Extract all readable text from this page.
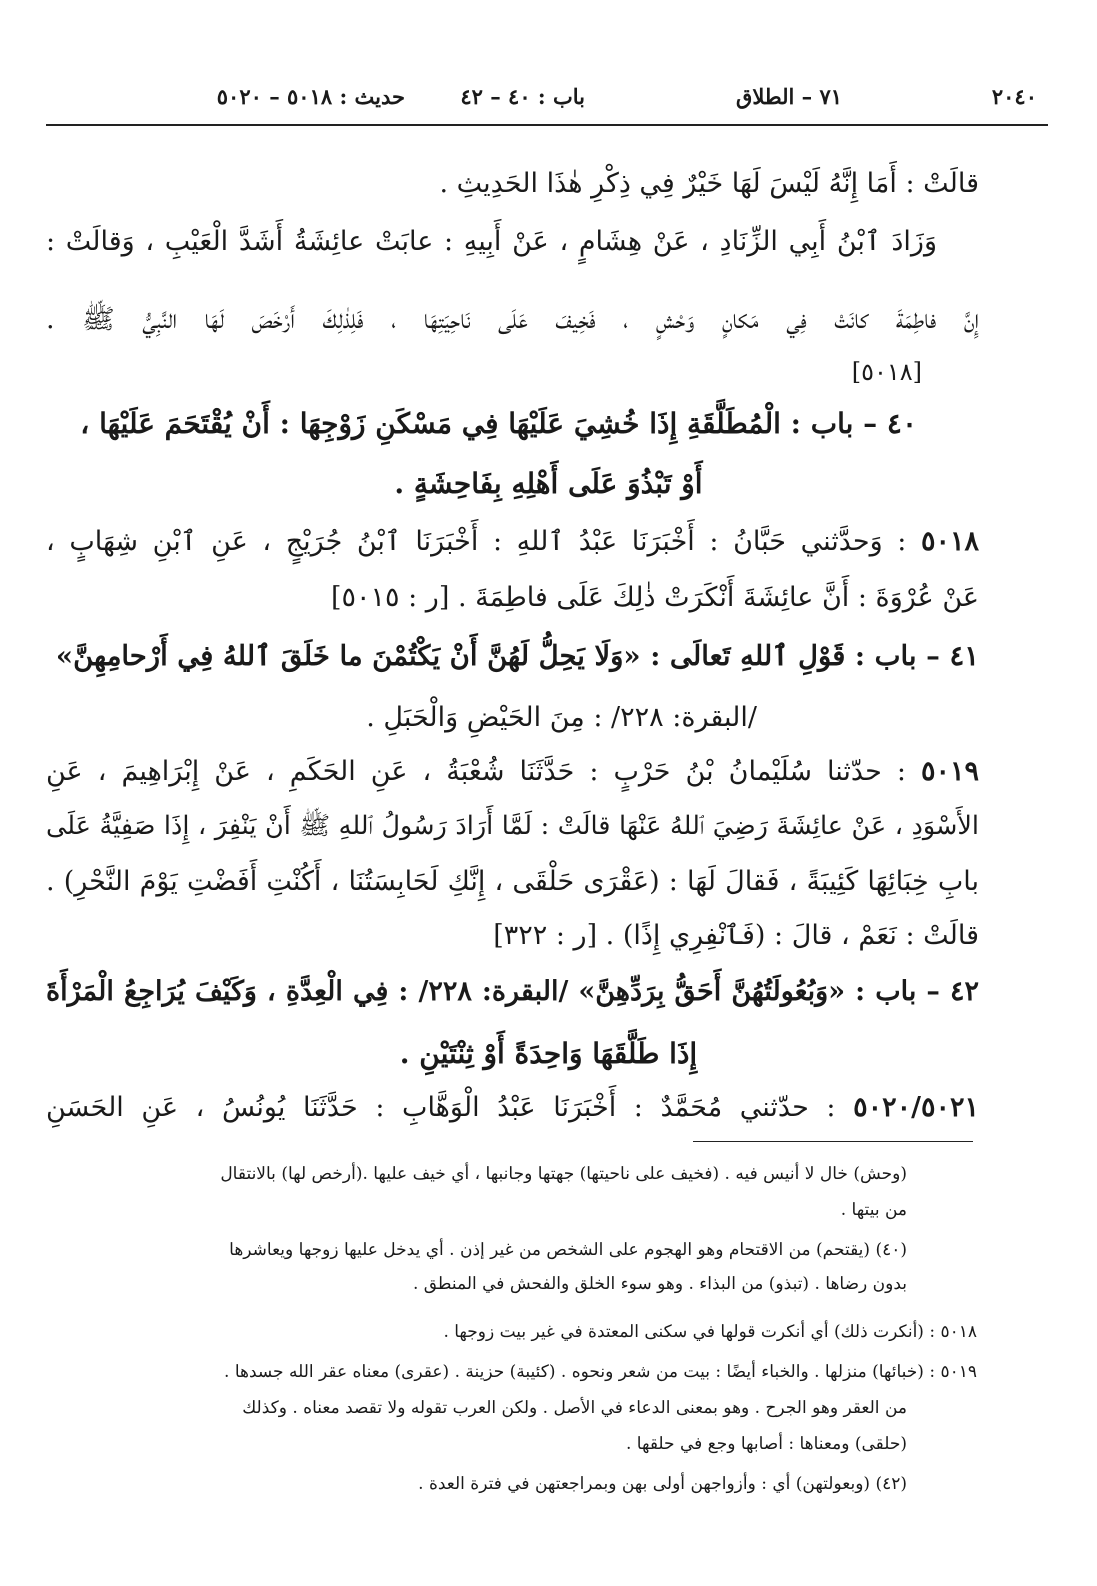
٢٠٤٠
٧١ – الطلاق
باب : ٤٠ – ٤٢
حديث : ٥٠١٨ – ٥٠٢٠
قالَتْ : أَمَا إِنَّهُ لَيْسَ لَهَا خَيْرٌ فِي ذِكْرِ هٰذَا الحَدِيثِ .
وَزَادَ ٱبْنُ أَبِي الزِّنَادِ ، عَنْ هِشَامٍ ، عَنْ أَبِيهِ : عابَتْ عائِشَةُ أَشَدَّ الْعَيْبِ ، وَقالَتْ :
إِنَّ فاطِمَةَ كانَتْ فِي مَكانٍ وَحْشٍ ، فَخِيفَ عَلَى نَاحِيَتِهَا ، فَلِذٰلِكَ أَرْخَصَ لَهَا النَّبِيُّ ﷺ .
[٥٠١٨]
٤٠ – باب : الْمُطَلَّقَةِ إِذَا خُشِيَ عَلَيْهَا فِي مَسْكَنِ زَوْجِهَا : أَنْ يُقْتَحَمَ عَلَيْهَا ،
أَوْ تَبْذُوَ عَلَى أَهْلِهِ بِفَاحِشَةٍ .
٥٠١٨ : وَحدَّثني حَبَّانُ : أَخْبَرَنَا عَبْدُ ٱللهِ : أَخْبَرَنَا ٱبْنُ جُرَيْجٍ ، عَنِ ٱبْنِ شِهَابٍ ،
عَنْ عُرْوَةَ : أَنَّ عائِشَةَ أَنْكَرَتْ ذٰلِكَ عَلَى فاطِمَةَ . [ر : ٥٠١٥]
٤١ – باب : قَوْلِ ٱللهِ تَعالَى : «وَلَا يَحِلُّ لَهُنَّ أَنْ يَكْتُمْنَ ما خَلَقَ ٱللهُ فِي أَرْحامِهِنَّ»
/البقرة: ٢٢٨/ : مِنَ الحَيْضِ وَالْحَبَلِ .
٥٠١٩ : حدّثنا سُلَيْمانُ بْنُ حَرْبٍ : حَدَّثَنَا شُعْبَةُ ، عَنِ الحَكَمِ ، عَنْ إِبْرَاهِيمَ ، عَنِ
الأَسْوَدِ ، عَنْ عائِشَةَ رَضِيَ ٱللهُ عَنْهَا قالَتْ : لَمَّا أَرَادَ رَسُولُ ٱللهِ ﷺ أَنْ يَنْفِرَ ، إِذَا صَفِيَّةُ عَلَى
بابِ خِبَائِهَا كَئِيبَةً ، فَقالَ لَهَا : (عَقْرَى حَلْقَى ، إِنَّكِ لَحَابِسَتُنَا ، أَكُنْتِ أَفَضْتِ يَوْمَ النَّحْرِ) .
قالَتْ : نَعَمْ ، قالَ : (فَٱنْفِرِي إِذًا) . [ر : ٣٢٢]
٤٢ – باب : «وَبُعُولَتُهُنَّ أَحَقُّ بِرَدِّهِنَّ» /البقرة: ٢٢٨/ : فِي الْعِدَّةِ ، وَكَيْفَ يُرَاجِعُ الْمَرْأَةَ
إِذَا طَلَّقَهَا وَاحِدَةً أَوْ ثِنْتَيْنِ .
٥٠٢٠/٥٠٢١ : حدّثني مُحَمَّدٌ : أَخْبَرَنَا عَبْدُ الْوَهَّابِ : حَدَّثَنَا يُونُسُ ، عَنِ الحَسَنِ
(وحش) خال لا أنيس فيه . (فخيف على ناحيتها) جهتها وجانبها ، أي خيف عليها .(أرخص لها) بالانتقال
من بيتها .
(٤٠) (يقتحم) من الاقتحام وهو الهجوم على الشخص من غير إذن . أي يدخل عليها زوجها ويعاشرها
بدون رضاها . (تبذو) من البذاء . وهو سوء الخلق والفحش في المنطق .
٥٠١٨ : (أنكرت ذلك) أي أنكرت قولها في سكنى المعتدة في غير بيت زوجها .
٥٠١٩ : (خبائها) منزلها . والخباء أيضًا : بيت من شعر ونحوه . (كئيبة) حزينة . (عقرى) معناه عقر الله جسدها .
من العقر وهو الجرح . وهو بمعنى الدعاء في الأصل . ولكن العرب تقوله ولا تقصد معناه . وكذلك
(حلقى) ومعناها : أصابها وجع في حلقها .
(٤٢) (وبعولتهن) أي : وأزواجهن أولى بهن وبمراجعتهن في فترة العدة .
